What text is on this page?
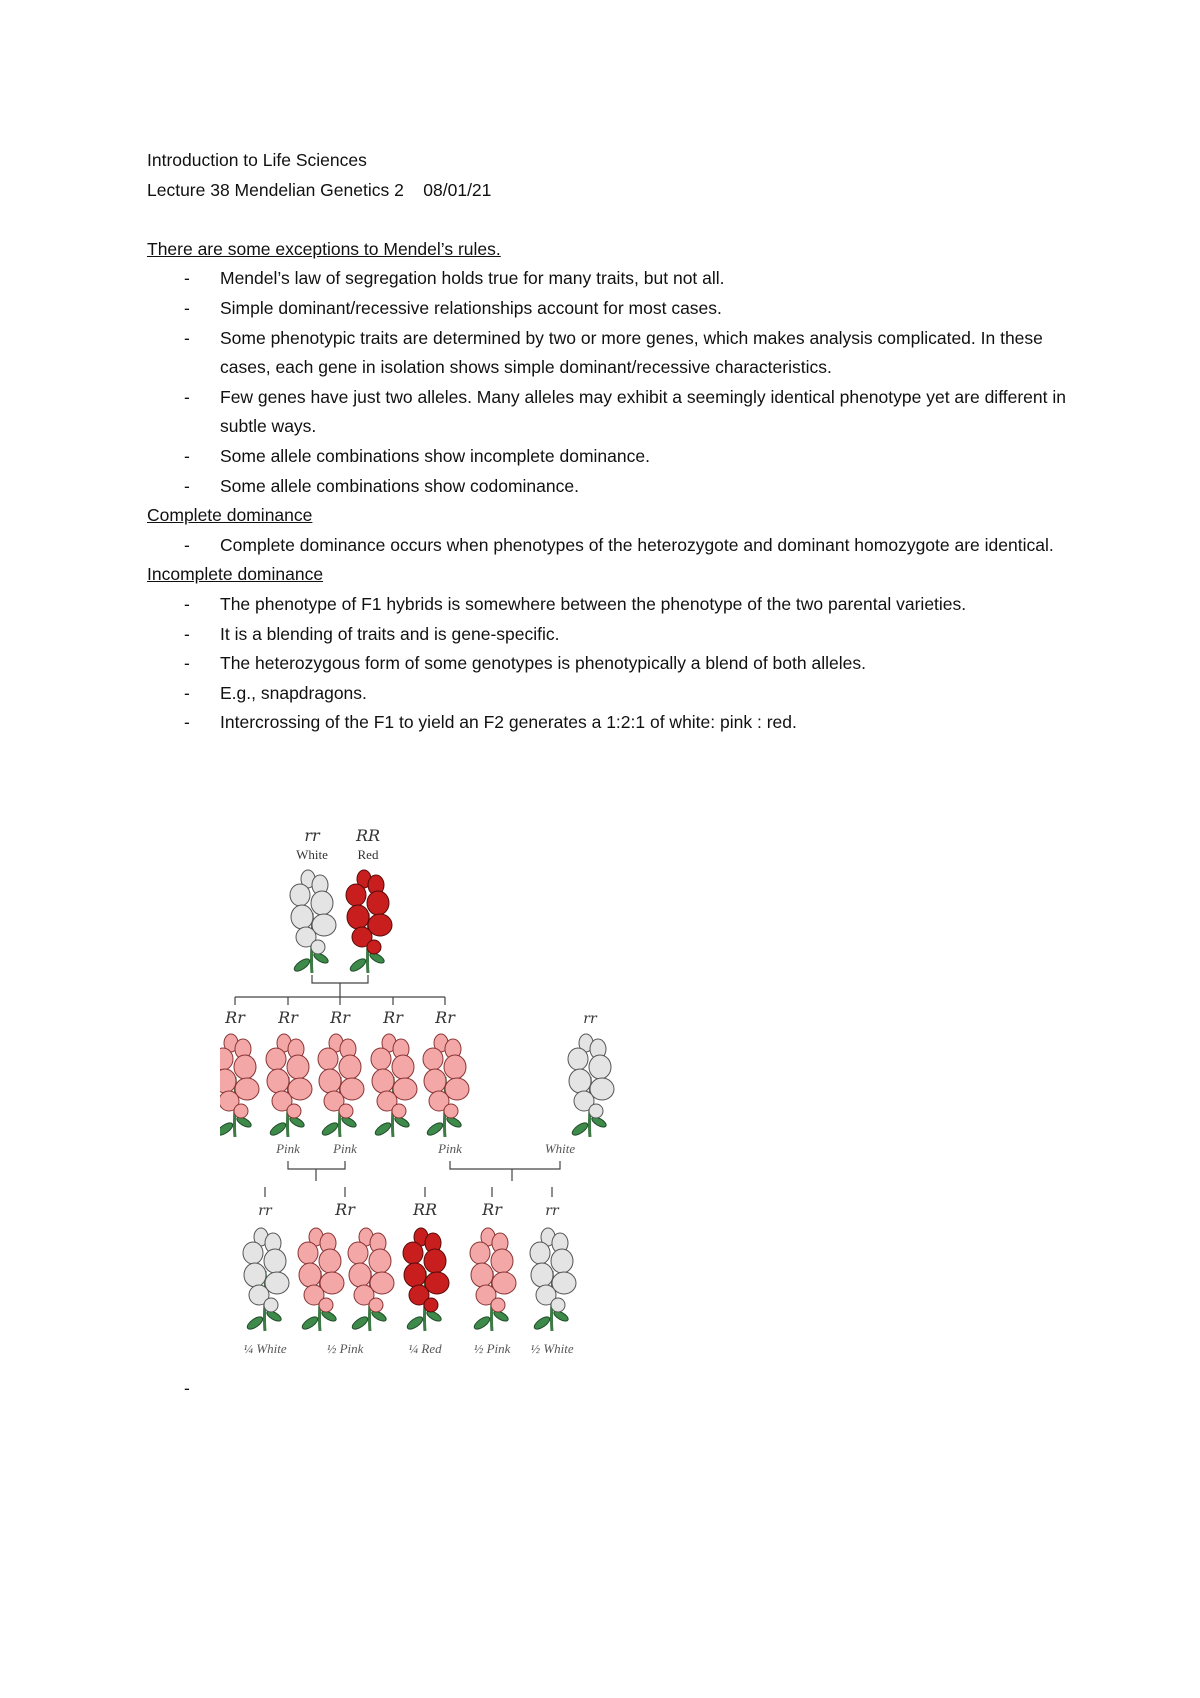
Introduction to Life Sciences
Lecture 38 Mendelian Genetics 2    08/01/21
There are some exceptions to Mendel’s rules.
- Mendel’s law of segregation holds true for many traits, but not all.
- Simple dominant/recessive relationships account for most cases.
- Some phenotypic traits are determined by two or more genes, which makes analysis complicated. In these cases, each gene in isolation shows simple dominant/recessive characteristics.
- Few genes have just two alleles. Many alleles may exhibit a seemingly identical phenotype yet are different in subtle ways.
- Some allele combinations show incomplete dominance.
- Some allele combinations show codominance.
Complete dominance
- Complete dominance occurs when phenotypes of the heterozygote and dominant homozygote are identical.
Incomplete dominance
- The phenotype of F1 hybrids is somewhere between the phenotype of the two parental varieties.
- It is a blending of traits and is gene-specific.
- The heterozygous form of some genotypes is phenotypically a blend of both alleles.
- E.g., snapdragons.
- Intercrossing of the F1 to yield an F2 generates a 1:2:1 of white: pink : red.
rr RR
White Red
Rr Rr Rr Rr Rr	rr
Pink	Pink	Pink	White
rr	Rr	RR	Rr	rr
¼ White	½ Pink	¼ Red ½ Pink ½ White
-
